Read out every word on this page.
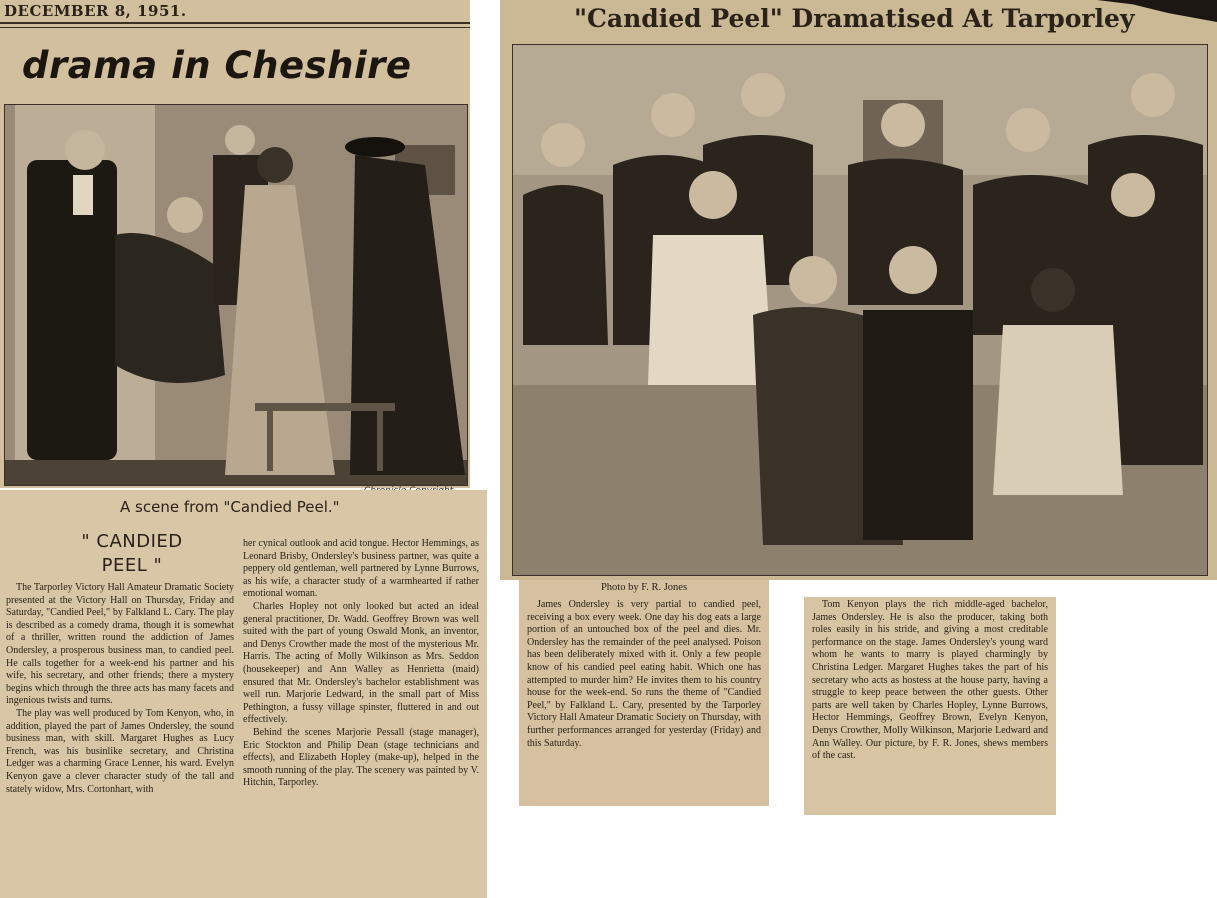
DECEMBER 8, 1951.
drama in Cheshire
A scene from "Candied Peel."
" CANDIED
PEEL "

The Tarporley Victory Hall Amateur Dramatic Society presented at the Victory Hall on Thursday, Friday and Saturday, "Candied Peel," by Falkland L. Cary. The play is described as a comedy drama, though it is somewhat of a thriller, written round the addiction of James Ondersley, a prosperous business man, to candied peel. He calls together for a week-end his partner and his wife, his secretary, and other friends; there a mystery begins which through the three acts has many facets and ingenious twists and turns.

The play was well produced by Tom Kenyon, who, in addition, played the part of James Ondersley, the sound business man, with skill. Margaret Hughes as Lucy French, was his businlike secretary, and Christina Ledger was a charming Grace Lenner, his ward. Evelyn Kenyon gave a clever character study of the tall and stately widow, Mrs. Cortonhart, with

her cynical outlook and acid tongue. Hector Hemmings, as Leonard Brisby, Ondersley's business partner, was quite a peppery old gentleman, well partnered by Lynne Burrows, as his wife, a character study of a warmhearted if rather emotional woman.

Charles Hopley not only looked but acted an ideal general practitioner, Dr. Wadd. Geoffrey Brown was well suited with the part of young Oswald Monk, an inventor, and Denys Crowther made the most of the mysterious Mr. Harris. The acting of Molly Wilkinson as Mrs. Seddon (housekeeper) and Ann Walley as Henrietta (maid) ensured that Mr. Ondersley's bachelor establishment was well run. Marjorie Ledward, in the small part of Miss Pethington, a fussy village spinster, fluttered in and out effectively.

Behind the scenes Marjorie Pessall (stage manager), Eric Stockton and Philip Dean (stage technicians and effects), and Elizabeth Hopley (make-up), helped in the smooth running of the play. The scenery was painted by V. Hitchin, Tarporley.

"Candied Peel" Dramatised At Tarporley
Photo by F. R. Jones

James Ondersley is very partial to candied peel, receiving a box every week. One day his dog eats a large portion of an untouched box of the peel and dies. Mr. Ondersley has the remainder of the peel analysed. Poison has been deliberately mixed with it. Only a few people know of his candied peel eating habit. Which one has attempted to murder him? He invites them to his country house for the week-end. So runs the theme of "Candied Peel," by Falkland L. Cary, presented by the Tarporley Victory Hall Amateur Dramatic Society on Thursday, with further performances arranged for yesterday (Friday) and this Saturday.

Tom Kenyon plays the rich middle-aged bachelor, James Ondersley. He is also the producer, taking both roles easily in his stride, and giving a most creditable performance on the stage. James Ondersley's young ward whom he wants to marry is played charmingly by Christina Ledger. Margaret Hughes takes the part of his secretary who acts as hostess at the house party, having a struggle to keep peace between the other guests. Other parts are well taken by Charles Hopley, Lynne Burrows, Hector Hemmings, Geoffrey Brown, Evelyn Kenyon, Denys Crowther, Molly Wilkinson, Marjorie Ledward and Ann Walley. Our picture, by F. R. Jones, shews members of the cast.
